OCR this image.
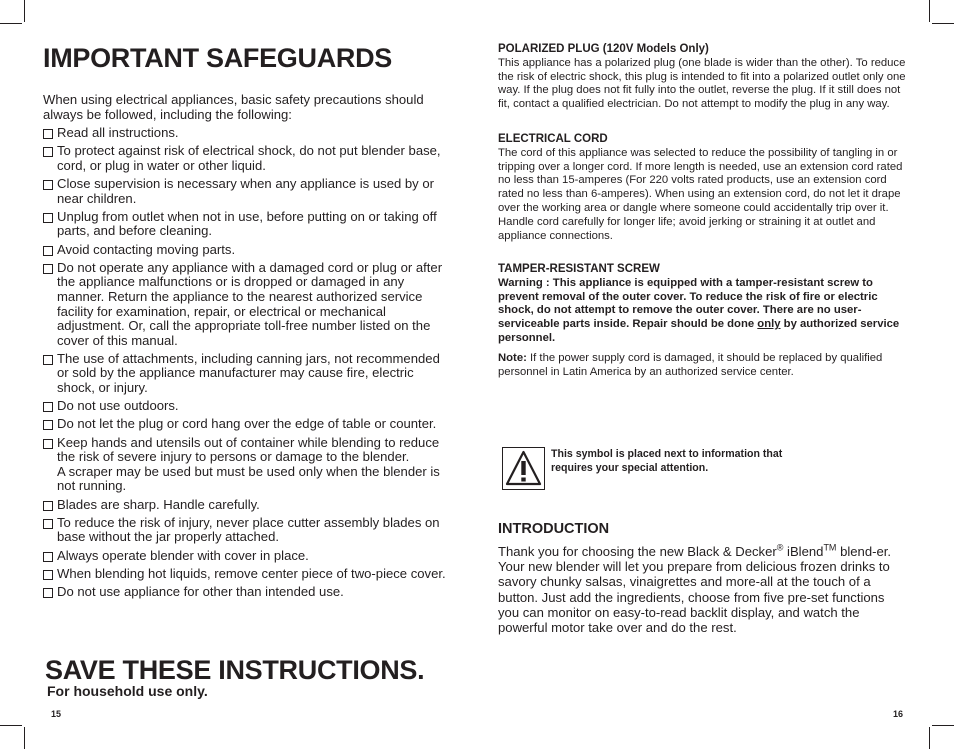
IMPORTANT SAFEGUARDS

When using electrical appliances, basic safety precautions should always be followed, including the following:

Read all instructions.
To protect against risk of electrical shock, do not put blender base, cord, or plug in water or other liquid.
Close supervision is necessary when any appliance is used by or near children.
Unplug from outlet when not in use, before putting on or taking off parts, and before cleaning.
Avoid contacting moving parts.
Do not operate any appliance with a damaged cord or plug or after the appliance malfunctions or is dropped or damaged in any manner. Return the appliance to the nearest authorized service facility for examination, repair, or electrical or mechanical adjustment. Or, call the appropriate toll-free number listed on the cover of this manual.
The use of attachments, including canning jars, not recommended or sold by the appliance manufacturer may cause fire, electric shock, or injury.
Do not use outdoors.
Do not let the plug or cord hang over the edge of table or counter.
Keep hands and utensils out of container while blending to reduce the risk of severe injury to persons or damage to the blender.
A scraper may be used but must be used only when the blender is not running.
Blades are sharp. Handle carefully.
To reduce the risk of injury, never place cutter assembly blades on base without the jar properly attached.
Always operate blender with cover in place.
When blending hot liquids, remove center piece of two-piece cover.
Do not use appliance for other than intended use.
SAVE THESE INSTRUCTIONS.

For household use only.

15

POLARIZED PLUG (120V Models Only)

This appliance has a polarized plug (one blade is wider than the other). To reduce the risk of electric shock, this plug is intended to fit into a polarized outlet only one way. If the plug does not fit fully into the outlet, reverse the plug. If it still does not fit, contact a qualified electrician. Do not attempt to modify the plug in any way.

ELECTRICAL CORD

The cord of this appliance was selected to reduce the possibility of tangling in or tripping over a longer cord. If more length is needed, use an extension cord rated no less than 15-amperes (For 220 volts rated products, use an extension cord rated no less than 6-amperes). When using an extension cord, do not let it drape over the working area or dangle where someone could accidentally trip over it. Handle cord carefully for longer life; avoid jerking or straining it at outlet and appliance connections.

TAMPER-RESISTANT SCREW

Warning : This appliance is equipped with a tamper-resistant screw to prevent removal of the outer cover. To reduce the risk of fire or electric shock, do not attempt to remove the outer cover. There are no user-serviceable parts inside. Repair should be done only by authorized service personnel.

Note: If the power supply cord is damaged, it should be replaced by qualified personnel in Latin America by an authorized service center.

This symbol is placed next to information that requires your special attention.

INTRODUCTION

Thank you for choosing the new Black & Decker® iBlend™ blend-er. Your new blender will let you prepare from delicious frozen drinks to savory chunky salsas, vinaigrettes and more-all at the touch of a button. Just add the ingredients, choose from five pre-set functions you can monitor on easy-to-read backlit display, and watch the powerful motor take over and do the rest.

16
